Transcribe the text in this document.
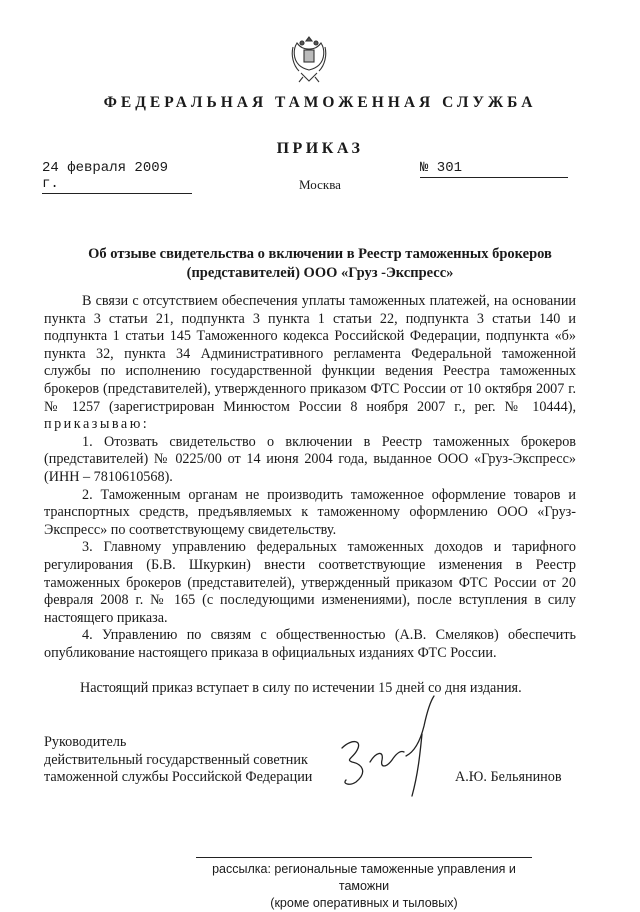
ФЕДЕРАЛЬНАЯ ТАМОЖЕННАЯ СЛУЖБА
ПРИКАЗ
24 февраля 2009 г.
№ 301
Москва
Об отзыве свидетельства о включении в Реестр таможенных брокеров (представителей) ООО «Груз -Экспресс»

В связи с отсутствием обеспечения уплаты таможенных платежей, на основании пункта 3 статьи 21, подпункта 3 пункта 1 статьи 22, подпункта 3 статьи 140 и подпункта 1 статьи 145 Таможенного кодекса Российской Федерации, подпункта «б» пункта 32, пункта 34 Административного регламента Федеральной таможенной службы по исполнению государственной функции ведения Реестра таможенных брокеров (представителей), утвержденного приказом ФТС России от 10 октября 2007 г. № 1257 (зарегистрирован Минюстом России 8 ноября 2007 г., рег. № 10444), приказываю:

1. Отозвать свидетельство о включении в Реестр таможенных брокеров (представителей) № 0225/00 от 14 июня 2004 года, выданное ООО «Груз-Экспресс» (ИНН – 7810610568).

2. Таможенным органам не производить таможенное оформление товаров и транспортных средств, предъявляемых к таможенному оформлению ООО «Груз-Экспресс» по соответствующему свидетельству.

3. Главному управлению федеральных таможенных доходов и тарифного регулирования (Б.В. Шкуркин) внести соответствующие изменения в Реестр таможенных брокеров (представителей), утвержденный приказом ФТС России от 20 февраля 2008 г. № 165 (с последующими изменениями), после вступления в силу настоящего приказа.

4. Управлению по связям с общественностью (А.В. Смеляков) обеспечить опубликование настоящего приказа в официальных изданиях ФТС России.

Настоящий приказ вступает в силу по истечении 15 дней со дня издания.
Руководитель
действительный государственный советник
таможенной службы Российской Федерации	А.Ю. Бельянинов
рассылка: региональные таможенные управления и таможни
(кроме оперативных и тыловых)
